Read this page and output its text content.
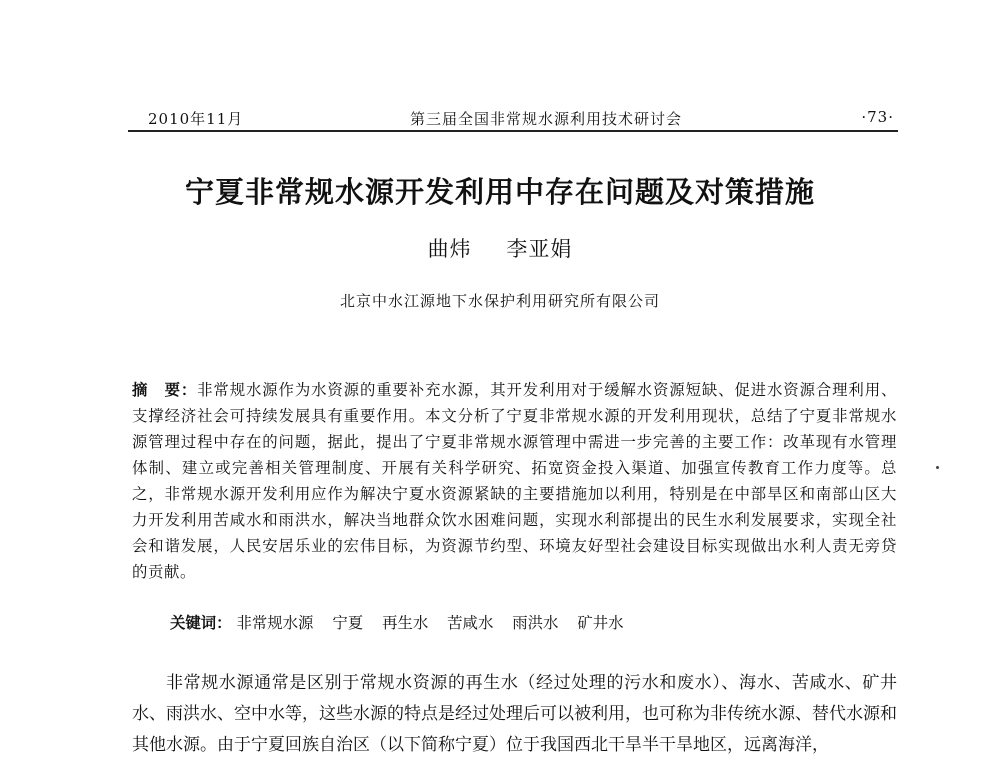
2010年11月	第三届全国非常规水源利用技术研讨会	·73·
宁夏非常规水源开发利用中存在问题及对策措施
曲炜 李亚娟
北京中水江源地下水保护利用研究所有限公司
摘　要：非常规水源作为水资源的重要补充水源，其开发利用对于缓解水资源短缺、促进水资源合理利用、支撑经济社会可持续发展具有重要作用。本文分析了宁夏非常规水源的开发利用现状，总结了宁夏非常规水源管理过程中存在的问题，据此，提出了宁夏非常规水源管理中需进一步完善的主要工作：改革现有水管理体制、建立或完善相关管理制度、开展有关科学研究、拓宽资金投入渠道、加强宣传教育工作力度等。总之，非常规水源开发利用应作为解决宁夏水资源紧缺的主要措施加以利用，特别是在中部旱区和南部山区大力开发利用苦咸水和雨洪水，解决当地群众饮水困难问题，实现水利部提出的民生水利发展要求，实现全社会和谐发展，人民安居乐业的宏伟目标，为资源节约型、环境友好型社会建设目标实现做出水利人责无旁贷的贡献。
关键词： 非常规水源 宁夏 再生水 苦咸水 雨洪水 矿井水
非常规水源通常是区别于常规水资源的再生水（经过处理的污水和废水）、海水、苦咸水、矿井水、雨洪水、空中水等，这些水源的特点是经过处理后可以被利用，也可称为非传统水源、替代水源和其他水源。由于宁夏回族自治区（以下简称宁夏）位于我国西北干旱半干旱地区，远离海洋，
